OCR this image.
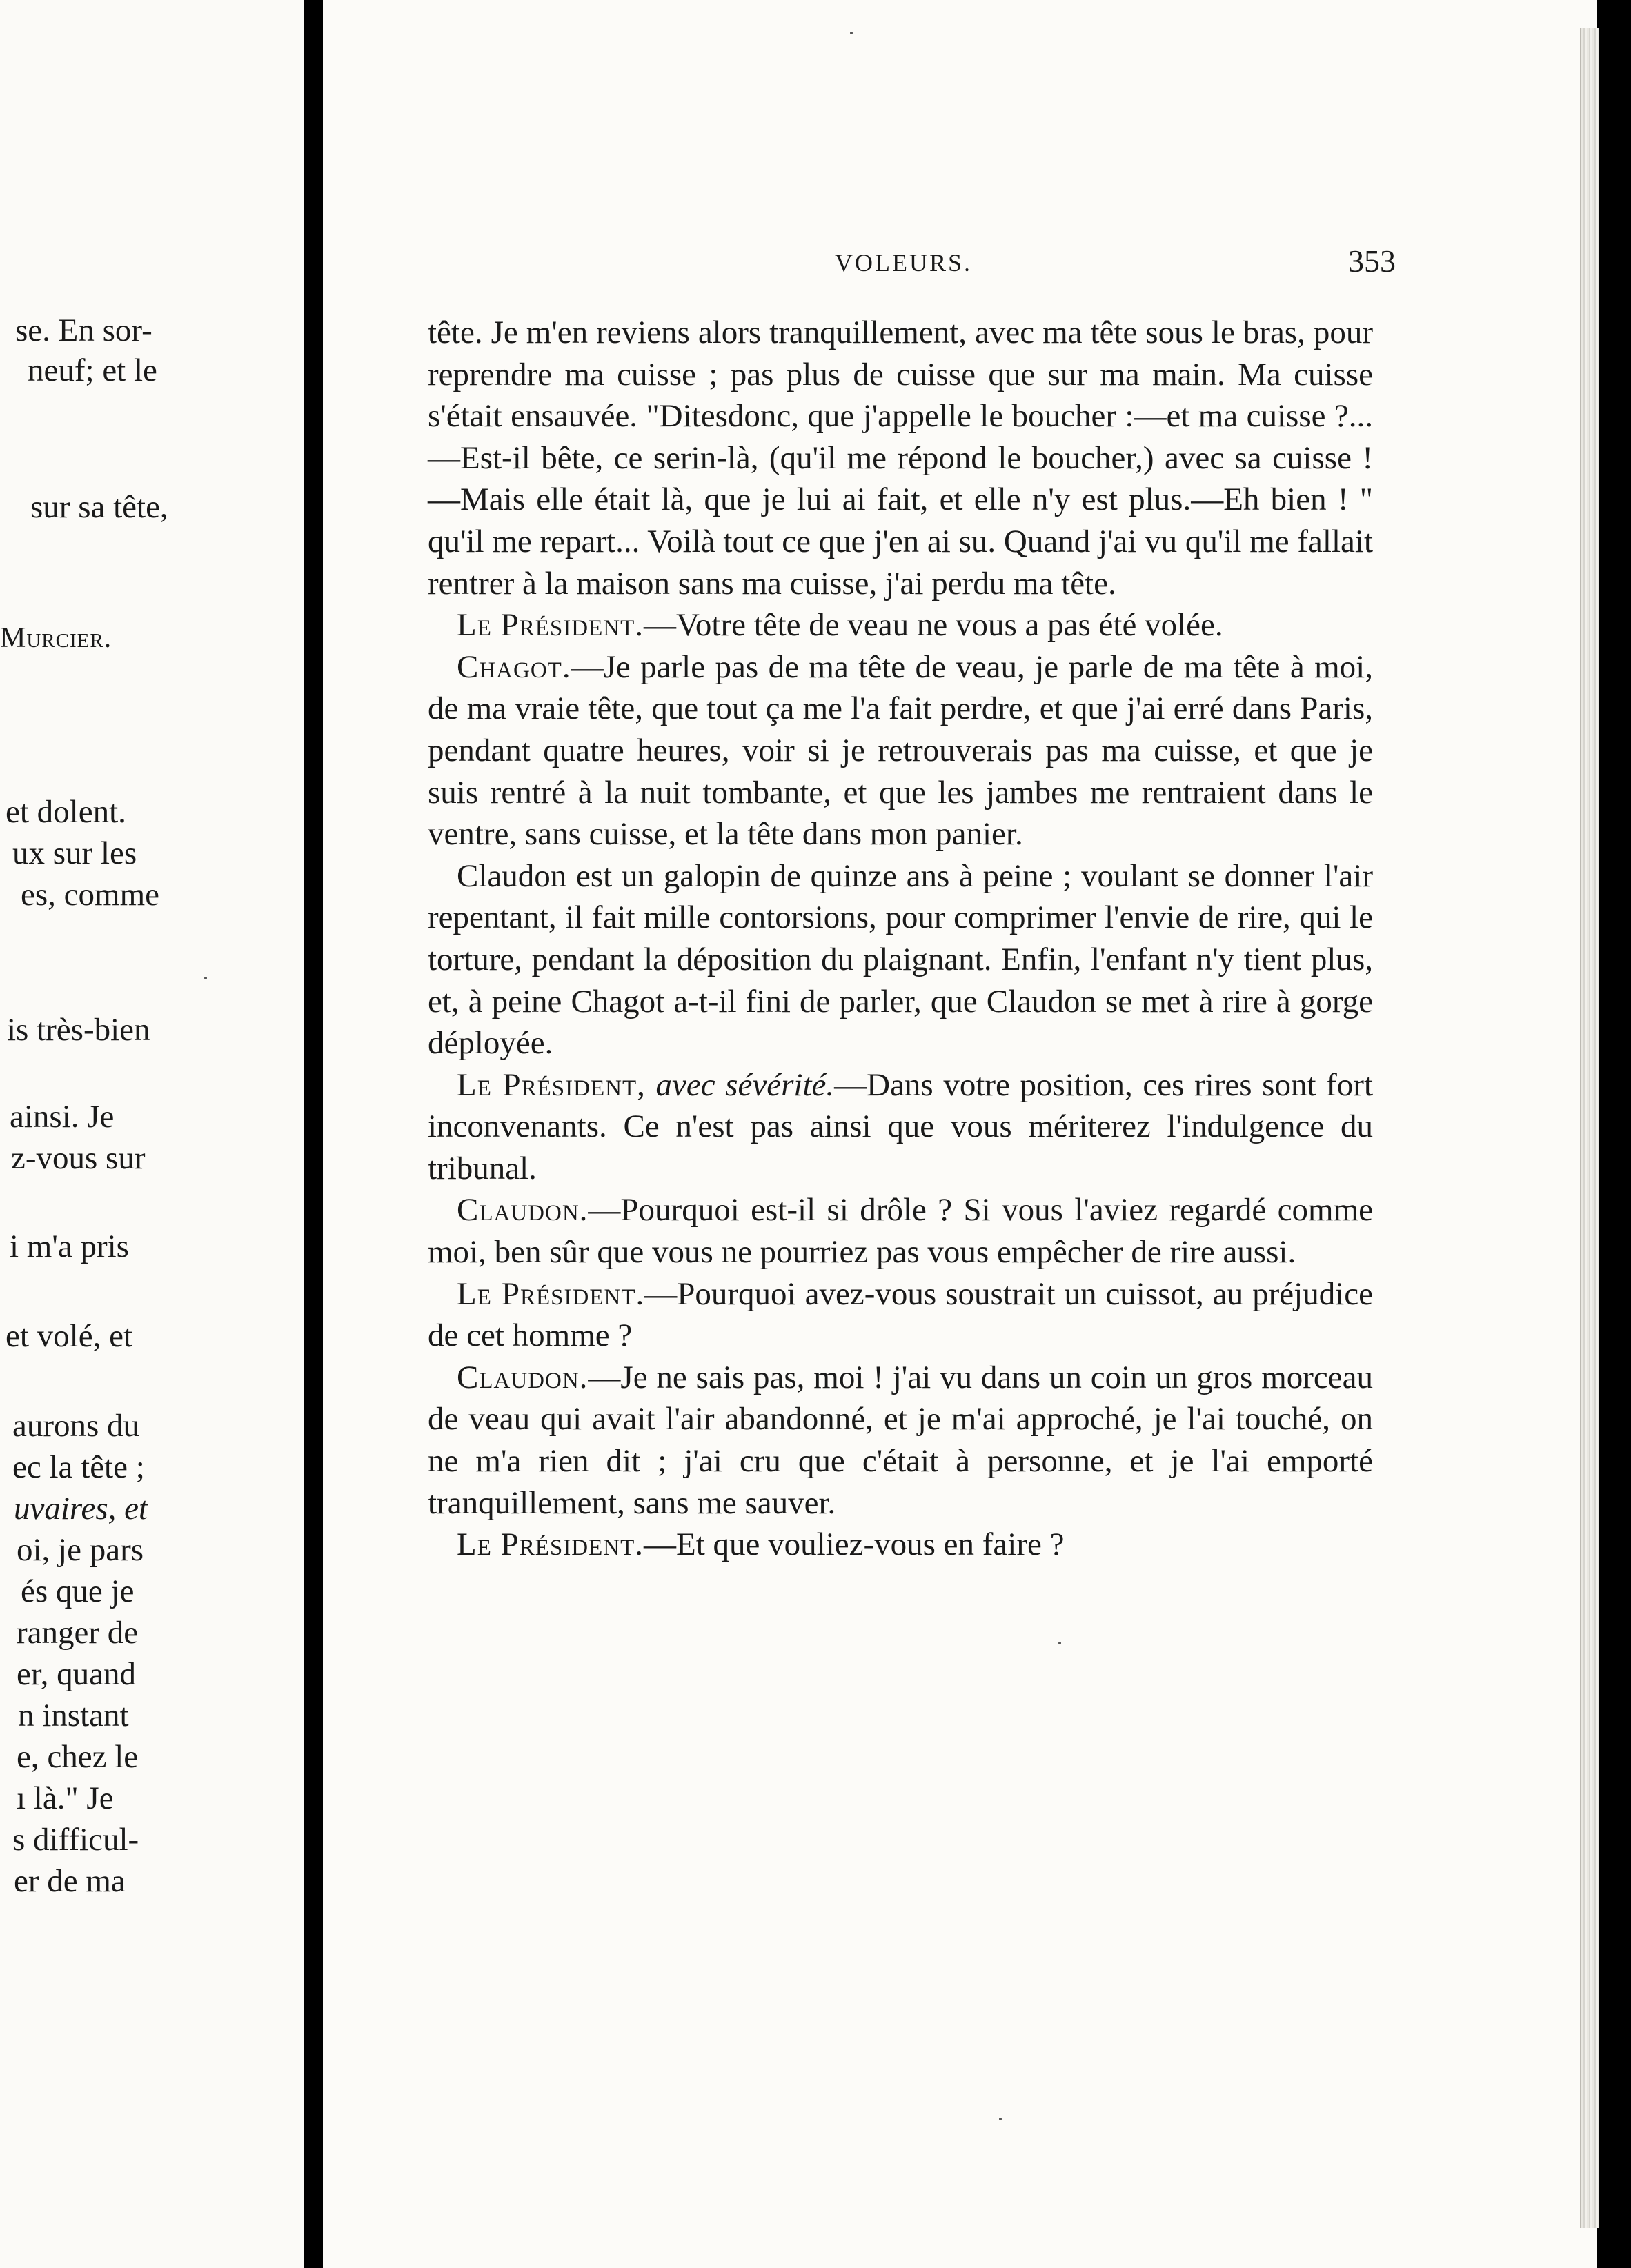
se. En sor-
neuf; et le
sur sa tête,
Murcier.
et dolent.
ux sur les
es, comme
is très-bien
ainsi. Je
z-vous sur
i m'a pris
et volé, et
aurons du
ec la tête ;
uvaires, et
oi, je pars
és que je
ranger de
er, quand
n instant
e, chez le
ı là." Je
s difficul-
er de ma
VOLEURS.	353

tête. Je m'en reviens alors tranquillement, avec ma tête sous le bras, pour reprendre ma cuisse ; pas plus de cuisse que sur ma main. Ma cuisse s'était ensauvée. "Ditesdonc, que j'appelle le boucher :—et ma cuisse ?...—Est-il bête, ce serin-là, (qu'il me répond le boucher,) avec sa cuisse !—Mais elle était là, que je lui ai fait, et elle n'y est plus.—Eh bien ! " qu'il me repart... Voilà tout ce que j'en ai su. Quand j'ai vu qu'il me fallait rentrer à la maison sans ma cuisse, j'ai perdu ma tête.

Le Président.—Votre tête de veau ne vous a pas été volée.

Chagot.—Je parle pas de ma tête de veau, je parle de ma tête à moi, de ma vraie tête, que tout ça me l'a fait perdre, et que j'ai erré dans Paris, pendant quatre heures, voir si je retrouverais pas ma cuisse, et que je suis rentré à la nuit tombante, et que les jambes me rentraient dans le ventre, sans cuisse, et la tête dans mon panier.

Claudon est un galopin de quinze ans à peine ; voulant se donner l'air repentant, il fait mille contorsions, pour comprimer l'envie de rire, qui le torture, pendant la déposition du plaignant. Enfin, l'enfant n'y tient plus, et, à peine Chagot a-t-il fini de parler, que Claudon se met à rire à gorge déployée.

Le Président, avec sévérité.—Dans votre position, ces rires sont fort inconvenants. Ce n'est pas ainsi que vous mériterez l'indulgence du tribunal.

Claudon.—Pourquoi est-il si drôle ? Si vous l'aviez regardé comme moi, ben sûr que vous ne pourriez pas vous empêcher de rire aussi.

Le Président.—Pourquoi avez-vous soustrait un cuissot, au préjudice de cet homme ?

Claudon.—Je ne sais pas, moi ! j'ai vu dans un coin un gros morceau de veau qui avait l'air abandonné, et je m'ai approché, je l'ai touché, on ne m'a rien dit ; j'ai cru que c'était à personne, et je l'ai emporté tranquillement, sans me sauver.

Le Président.—Et que vouliez-vous en faire ?
